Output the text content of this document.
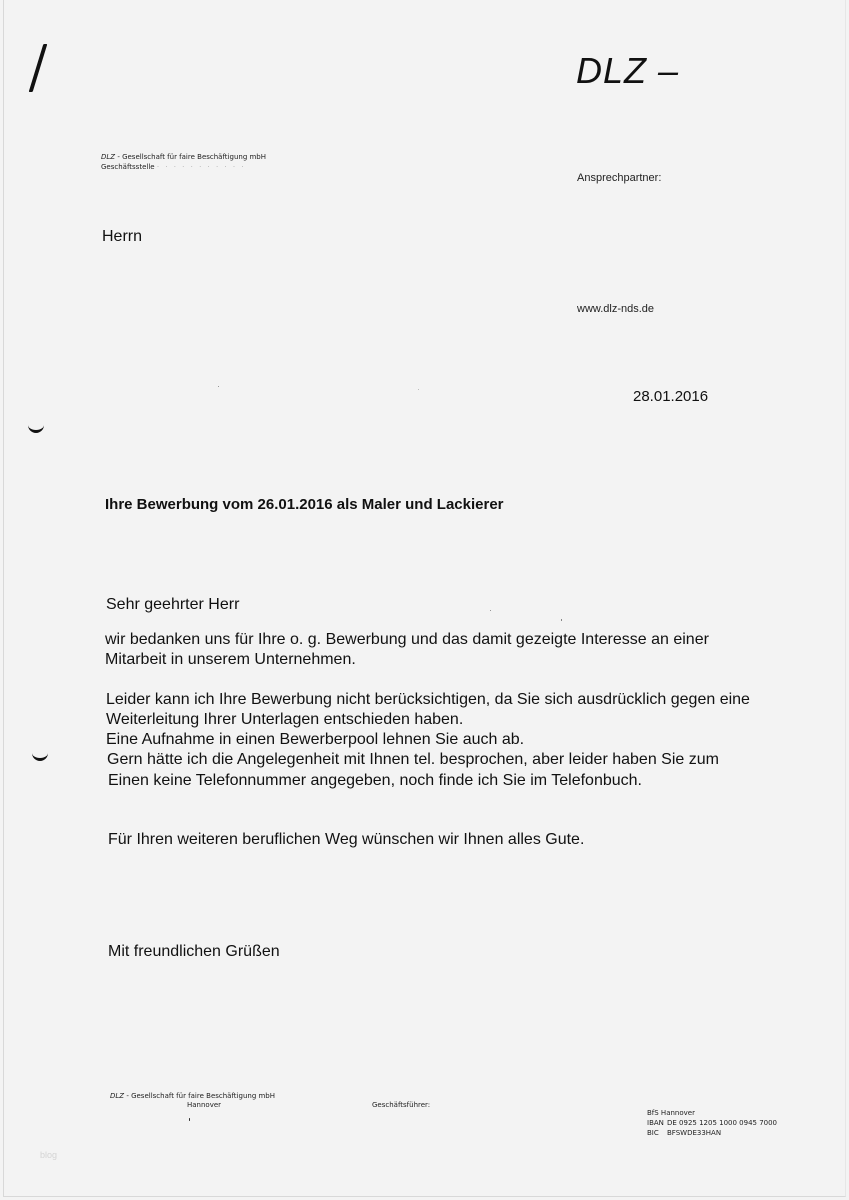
DLZ –
DLZ - Gesellschaft für faire Beschäftigung mbH
Geschäftsstelle · · · · · · · · · · ·
Ansprechpartner:
Herrn
www.dlz-nds.de
28.01.2016
Ihre Bewerbung vom 26.01.2016 als Maler und Lackierer
Sehr geehrter Herr
wir bedanken uns für Ihre o. g. Bewerbung und das damit gezeigte Interesse an einer
Mitarbeit in unserem Unternehmen.
Leider kann ich Ihre Bewerbung nicht berücksichtigen, da Sie sich ausdrücklich gegen eine
Weiterleitung Ihrer Unterlagen entschieden haben.
Eine Aufnahme in einen Bewerberpool lehnen Sie auch ab.
Gern hätte ich die Angelegenheit mit Ihnen tel. besprochen, aber leider haben Sie zum
Einen keine Telefonnummer angegeben, noch finde ich Sie im Telefonbuch.
Für Ihren weiteren beruflichen Weg wünschen wir Ihnen alles Gute.
Mit freundlichen Grüßen
DLZ - Gesellschaft für faire Beschäftigung mbH
Hannover	Geschäftsführer:
BfS Hannover
IBAN DE 0925 1205 1000 0945 7000
BIC BFSWDE33HAN
blog
